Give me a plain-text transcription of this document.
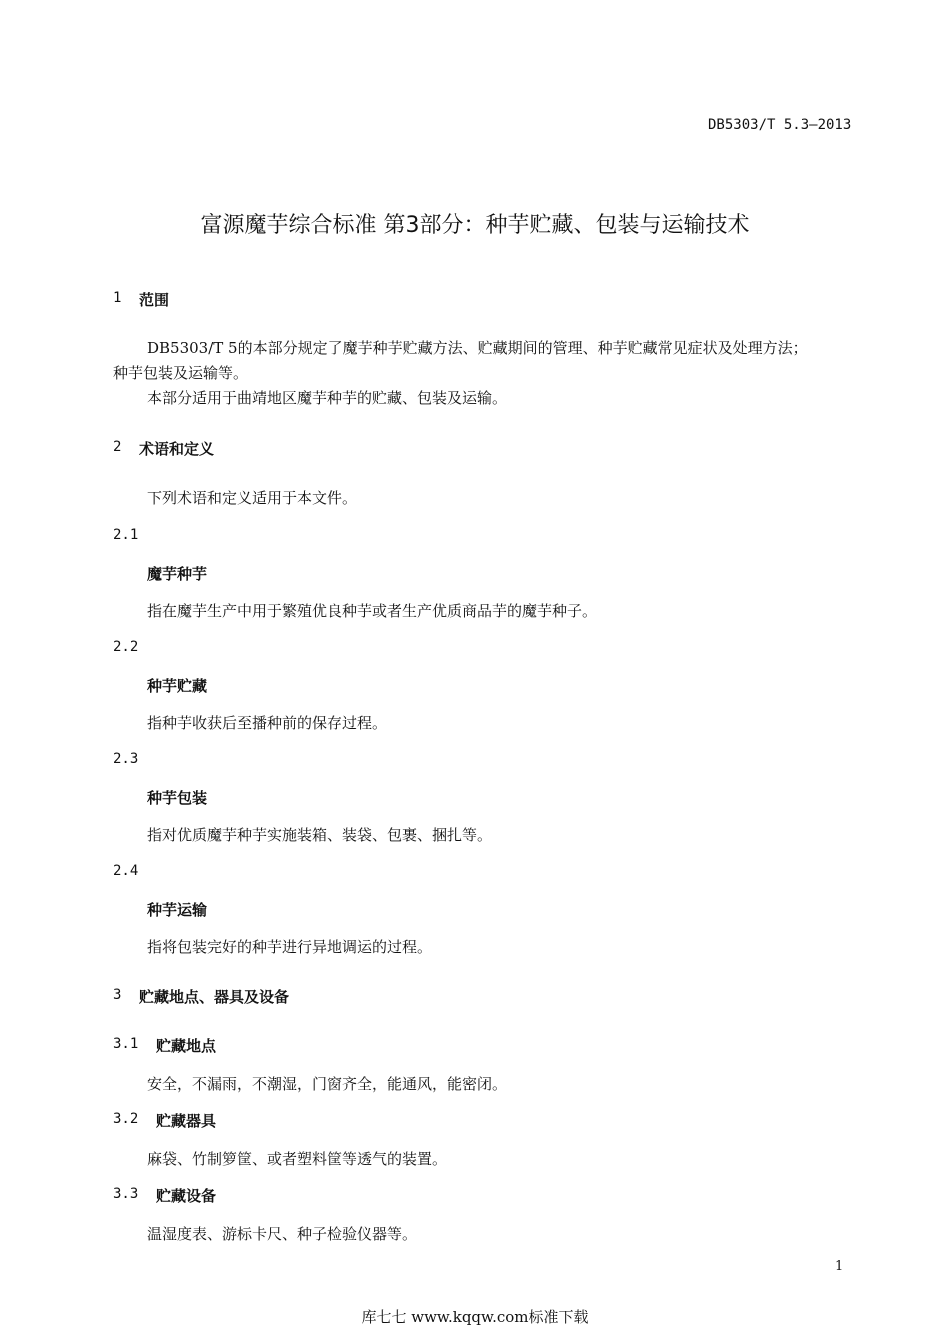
DB5303/T 5.3—2013
富源魔芋综合标准 第3部分：种芋贮藏、包装与运输技术
1 范围
DB5303/T 5的本部分规定了魔芋种芋贮藏方法、贮藏期间的管理、种芋贮藏常见症状及处理方法；
种芋包装及运输等。
本部分适用于曲靖地区魔芋种芋的贮藏、包装及运输。
2 术语和定义
下列术语和定义适用于本文件。
2.1
魔芋种芋
指在魔芋生产中用于繁殖优良种芋或者生产优质商品芋的魔芋种子。
2.2
种芋贮藏
指种芋收获后至播种前的保存过程。
2.3
种芋包装
指对优质魔芋种芋实施装箱、装袋、包裹、捆扎等。
2.4
种芋运输
指将包装完好的种芋进行异地调运的过程。
3 贮藏地点、器具及设备
3.1 贮藏地点
安全，不漏雨，不潮湿，门窗齐全，能通风，能密闭。
3.2 贮藏器具
麻袋、竹制箩筐、或者塑料筐等透气的装置。
3.3 贮藏设备
温湿度表、游标卡尺、种子检验仪器等。
1
库七七 www.kqqw.com标准下载
